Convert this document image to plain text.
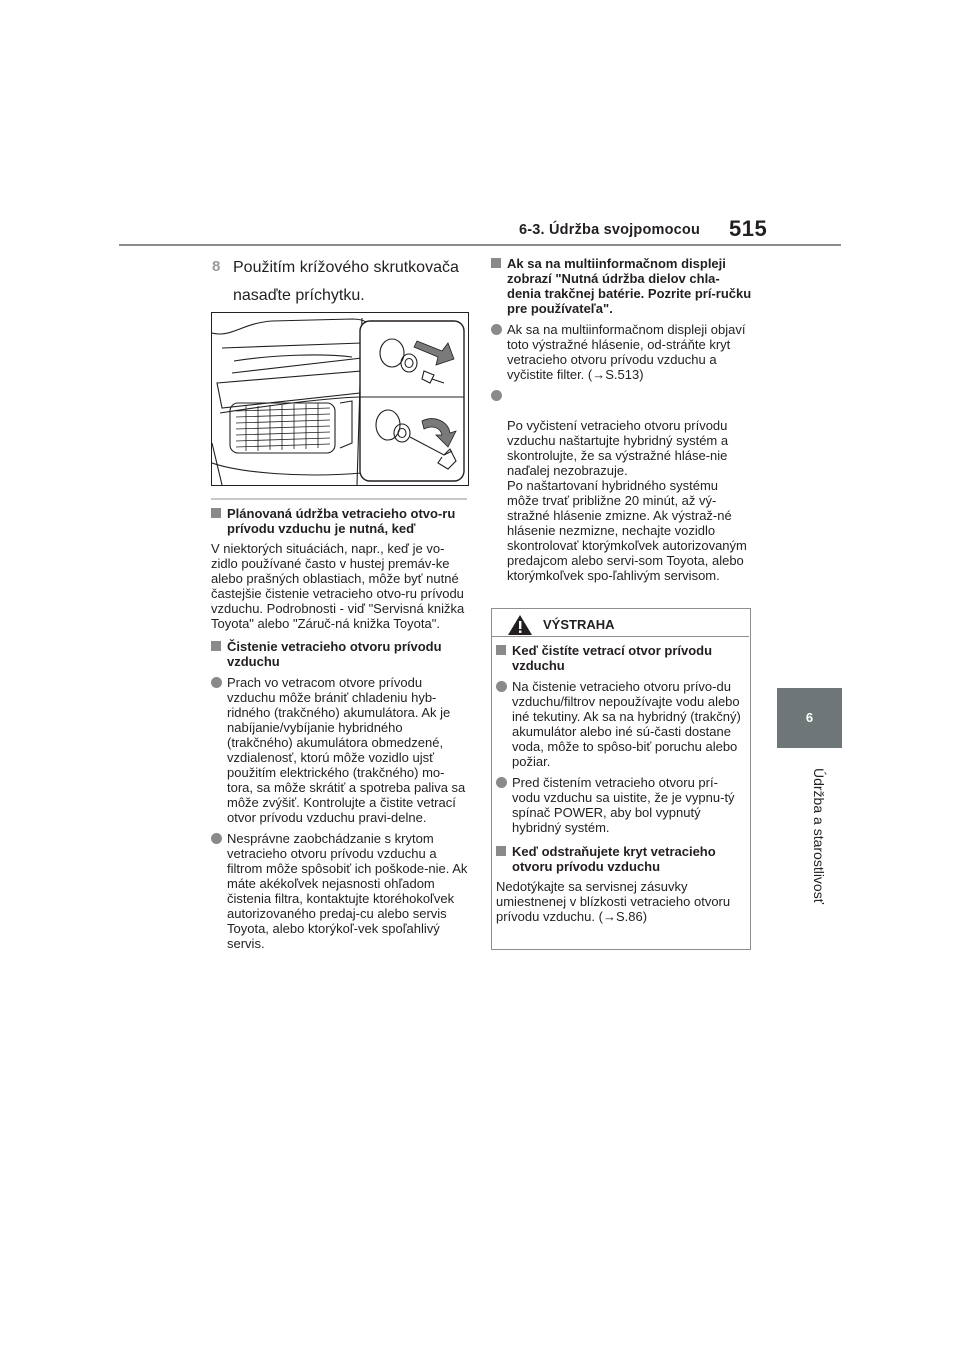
6-3. Údržba svojpomocou 515
6
Údržba a starostlivosť
8 Použitím krížového skrutkovača nasaďte príchytku.
Plánovaná údržba vetracieho otvo-ru prívodu vzduchu je nutná, keď
V niektorých situáciách, napr., keď je vo-zidlo používané často v hustej premáv-ke alebo prašných oblastiach, môže byť nutné častejšie čistenie vetracieho otvo-ru prívodu vzduchu. Podrobnosti - viď "Servisná knižka Toyota" alebo "Záruč-ná knižka Toyota".
Čistenie vetracieho otvoru prívodu vzduchu
Prach vo vetracom otvore prívodu vzduchu môže brániť chladeniu hyb-ridného (trakčného) akumulátora. Ak je nabíjanie/vybíjanie hybridného (trakčného) akumulátora obmedzené, vzdialenosť, ktorú môže vozidlo ujsť použitím elektrického (trakčného) mo-tora, sa môže skrátiť a spotreba paliva sa môže zvýšiť. Kontrolujte a čistite vetrací otvor prívodu vzduchu pravi-delne.
Nesprávne zaobchádzanie s krytom vetracieho otvoru prívodu vzduchu a filtrom môže spôsobiť ich poškode-nie. Ak máte akékoľvek nejasnosti ohľadom čistenia filtra, kontaktujte ktoréhokoľvek autorizovaného predaj-cu alebo servis Toyota, alebo ktorýkoľ-vek spoľahlivý servis.
Ak sa na multiinformačnom displeji zobrazí "Nutná údržba dielov chla-denia trakčnej batérie. Pozrite prí-ručku pre používateľa".
Ak sa na multiinformačnom displeji objaví toto výstražné hlásenie, od-stráňte kryt vetracieho otvoru prívodu vzduchu a vyčistite filter. (→S.513)

Po vyčistení vetracieho otvoru prívodu vzduchu naštartujte hybridný systém a skontrolujte, že sa výstražné hláse-nie naďalej nezobrazuje.
Po naštartovaní hybridného systému môže trvať približne 20 minút, až vý-stražné hlásenie zmizne. Ak výstraž-né hlásenie nezmizne, nechajte vozidlo skontrolovať ktorýmkoľvek autorizovaným predajcom alebo servi-som Toyota, alebo ktorýmkoľvek spo-ľahlivým servisom.

VÝSTRAHA
Keď čistíte vetrací otvor prívodu vzduchu
Na čistenie vetracieho otvoru prívo-du vzduchu/filtrov nepoužívajte vodu alebo iné tekutiny. Ak sa na hybridný (trakčný) akumulátor alebo iné sú-časti dostane voda, môže to spôso-biť poruchu alebo požiar.
Pred čistením vetracieho otvoru prí-vodu vzduchu sa uistite, že je vypnu-tý spínač POWER, aby bol vypnutý hybridný systém.
Keď odstraňujete kryt vetracieho otvoru prívodu vzduchu
Nedotýkajte sa servisnej zásuvky umiestnenej v blízkosti vetracieho otvoru prívodu vzduchu. (→S.86)
